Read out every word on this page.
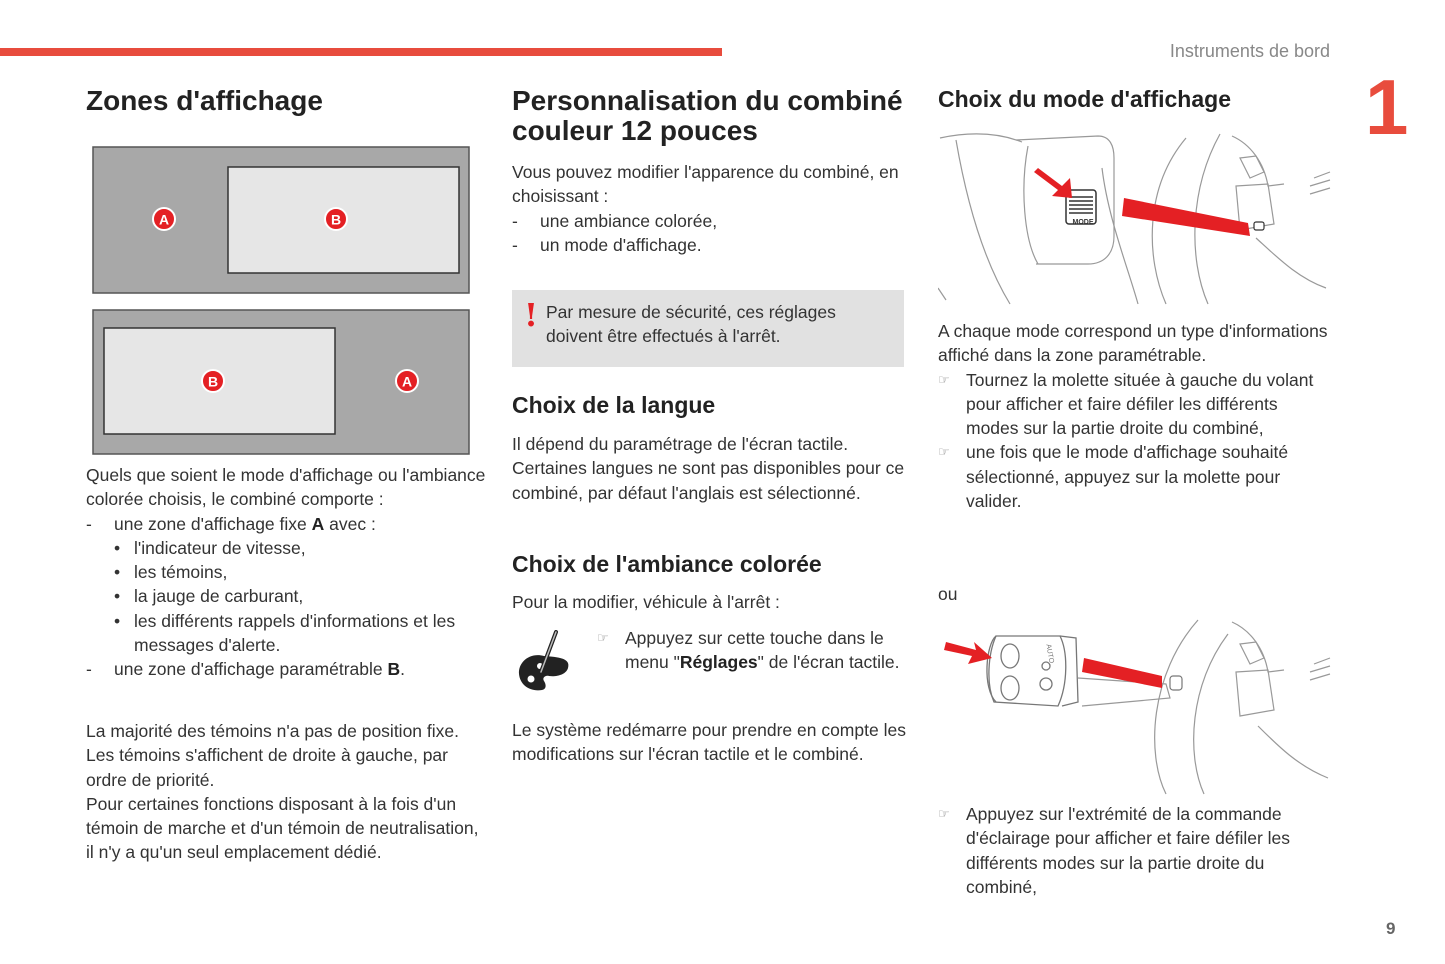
Instruments de bord
1
9
Zones d'affichage
A	B
B	A

Quels que soient le mode d'affichage ou l'ambiance colorée choisis, le combiné comporte :

- une zone d'affichage fixe A avec :
• l'indicateur de vitesse,
• les témoins,
• la jauge de carburant,
• les différents rappels d'informations et les messages d'alerte.
- une zone d'affichage paramétrable B.

La majorité des témoins n'a pas de position fixe.

Les témoins s'affichent de droite à gauche, par ordre de priorité.

Pour certaines fonctions disposant à la fois d'un témoin de marche et d'un témoin de neutralisation, il n'y a qu'un seul emplacement dédié.

Personnalisation du combiné couleur 12 pouces

Vous pouvez modifier l'apparence du combiné, en choisissant :

- une ambiance colorée,
- un mode d'affichage.
! Par mesure de sécurité, ces réglages doivent être effectués à l'arrêt.

Choix de la langue

Il dépend du paramétrage de l'écran tactile. Certaines langues ne sont pas disponibles pour ce combiné, par défaut l'anglais est sélectionné.

Choix de l'ambiance colorée

Pour la modifier, véhicule à l'arrêt :

☞ Appuyez sur cette touche dans le menu "Réglages" de l'écran tactile.

Le système redémarre pour prendre en compte les modifications sur l'écran tactile et le combiné.

Choix du mode d'affichage
MODE

A chaque mode correspond un type d'informations affiché dans la zone paramétrable.

☞ Tournez la molette située à gauche du volant pour afficher et faire défiler les différents modes sur la partie droite du combiné,
☞ une fois que le mode d'affichage souhaité sélectionné, appuyez sur la molette pour valider.

ou

AUTO
☞ Appuyez sur l'extrémité de la commande d'éclairage pour afficher et faire défiler les différents modes sur la partie droite du combiné,
